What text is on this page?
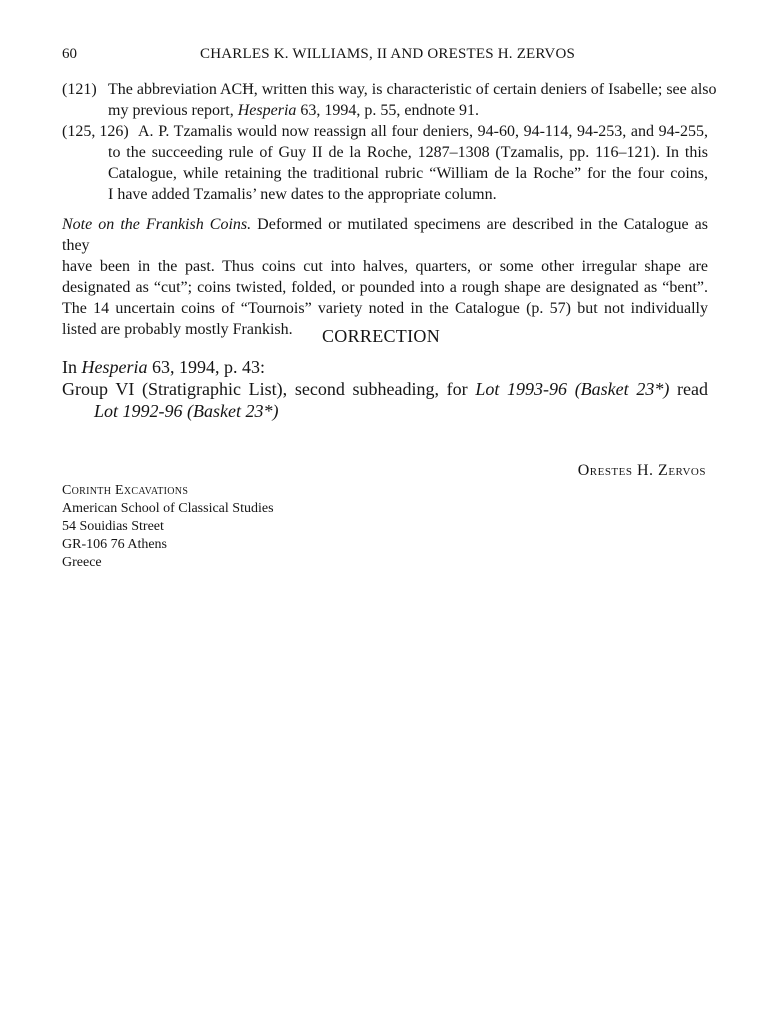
60	CHARLES K. WILLIAMS, II AND ORESTES H. ZERVOS
(121) The abbreviation ACĦ, written this way, is characteristic of certain deniers of Isabelle; see also
my previous report, Hesperia 63, 1994, p. 55, endnote 91.
(125, 126) A. P. Tzamalis would now reassign all four deniers, 94-60, 94-114, 94-253, and 94-255,
to the succeeding rule of Guy II de la Roche, 1287–1308 (Tzamalis, pp. 116–121). In this
Catalogue, while retaining the traditional rubric “William de la Roche” for the four coins,
I have added Tzamalis’ new dates to the appropriate column.
Note on the Frankish Coins. Deformed or mutilated specimens are described in the Catalogue as they
have been in the past. Thus coins cut into halves, quarters, or some other irregular shape are
designated as “cut”; coins twisted, folded, or pounded into a rough shape are designated as “bent”.
The 14 uncertain coins of “Tournois” variety noted in the Catalogue (p. 57) but not individually
listed are probably mostly Frankish.	CORRECTION
In Hesperia 63, 1994, p. 43:
Group VI (Stratigraphic List), second subheading, for Lot 1993-96 (Basket 23*) read
Lot 1992-96 (Basket 23*)
Orestes H. Zervos
Corinth Excavations
American School of Classical Studies
54 Souidias Street
GR-106 76 Athens
Greece
